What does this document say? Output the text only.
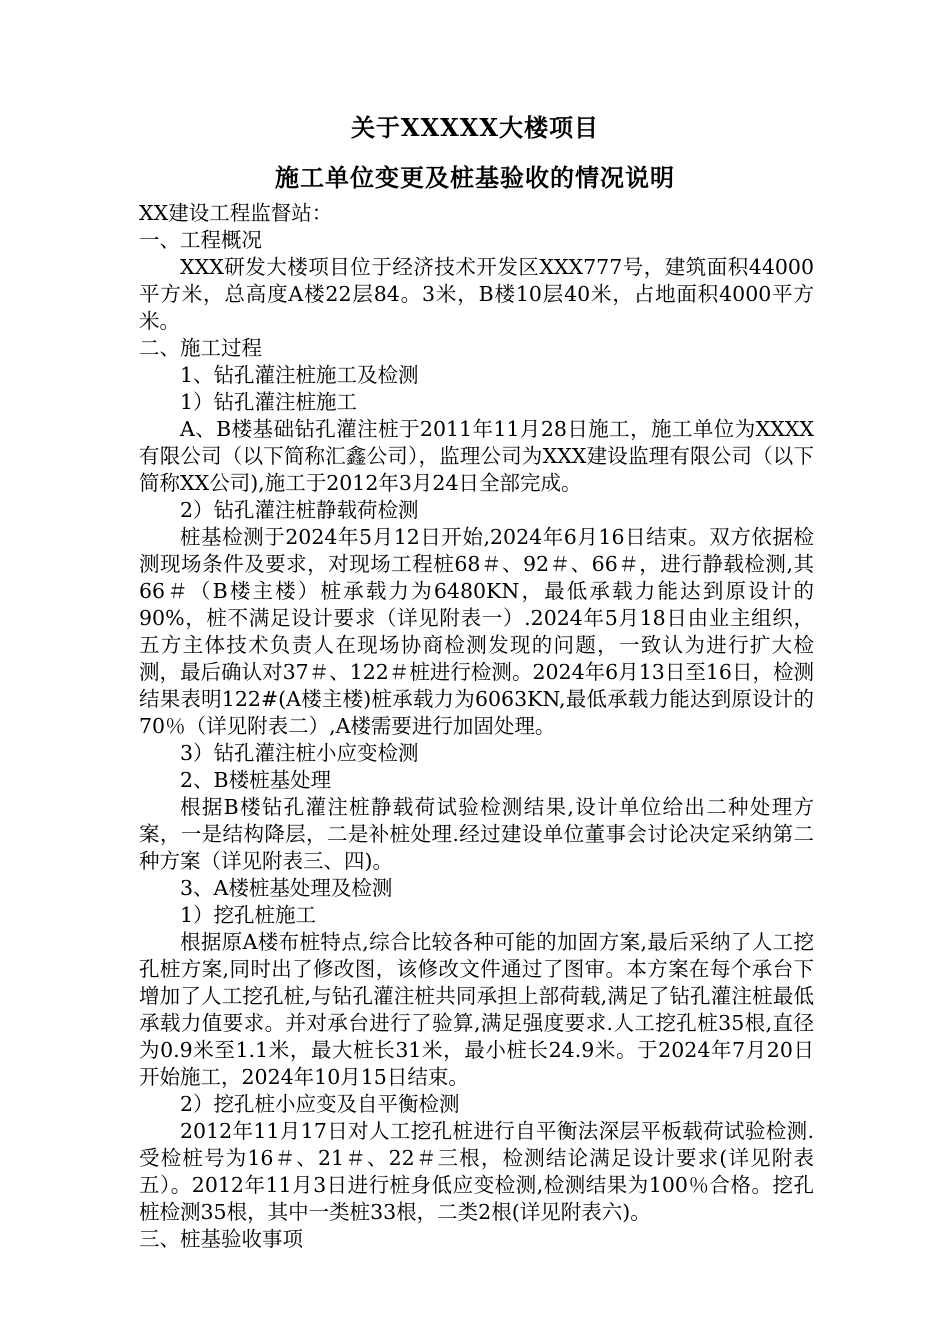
关于XXXXX大楼项目
施工单位变更及桩基验收的情况说明

XX建设工程监督站：

一、工程概况

XXX研发大楼项目位于经济技术开发区XXX777号，建筑面积44000平方米，总高度A楼22层84。3米，B楼10层40米，占地面积4000平方米。

二、施工过程

1、钻孔灌注桩施工及检测

1）钻孔灌注桩施工

A、B楼基础钻孔灌注桩于2011年11月28日施工，施工单位为XXXX有限公司（以下简称汇鑫公司），监理公司为XXX建设监理有限公司（以下简称XX公司),施工于2012年3月24日全部完成。

2）钻孔灌注桩静载荷检测

桩基检测于2024年5月12日开始,2024年6月16日结束。双方依据检测现场条件及要求，对现场工程桩68＃、92＃、66＃，进行静载检测,其66＃（B楼主楼）桩承载力为6480KN，最低承载力能达到原设计的90%，桩不满足设计要求（详见附表一）.2024年5月18日由业主组织，五方主体技术负责人在现场协商检测发现的问题，一致认为进行扩大检测，最后确认对37＃、122＃桩进行检测。2024年6月13日至16日，检测结果表明122#(A楼主楼)桩承载力为6063KN,最低承载力能达到原设计的70％（详见附表二）,A楼需要进行加固处理。

3）钻孔灌注桩小应变检测

2、B楼桩基处理

根据B楼钻孔灌注桩静载荷试验检测结果,设计单位给出二种处理方案，一是结构降层，二是补桩处理.经过建设单位董事会讨论决定采纳第二种方案（详见附表三、四)。

3、A楼桩基处理及检测

1）挖孔桩施工

根据原A楼布桩特点,综合比较各种可能的加固方案,最后采纳了人工挖孔桩方案,同时出了修改图，该修改文件通过了图审。本方案在每个承台下增加了人工挖孔桩,与钻孔灌注桩共同承担上部荷载,满足了钻孔灌注桩最低承载力值要求。并对承台进行了验算,满足强度要求.人工挖孔桩35根,直径为0.9米至1.1米，最大桩长31米，最小桩长24.9米。于2024年7月20日开始施工，2024年10月15日结束。

2）挖孔桩小应变及自平衡检测

2012年11月17日对人工挖孔桩进行自平衡法深层平板载荷试验检测.受检桩号为16＃、21＃、22＃三根，检测结论满足设计要求(详见附表五）。2012年11月3日进行桩身低应变检测,检测结果为100％合格。挖孔桩检测35根，其中一类桩33根，二类2根(详见附表六)。

三、桩基验收事项
